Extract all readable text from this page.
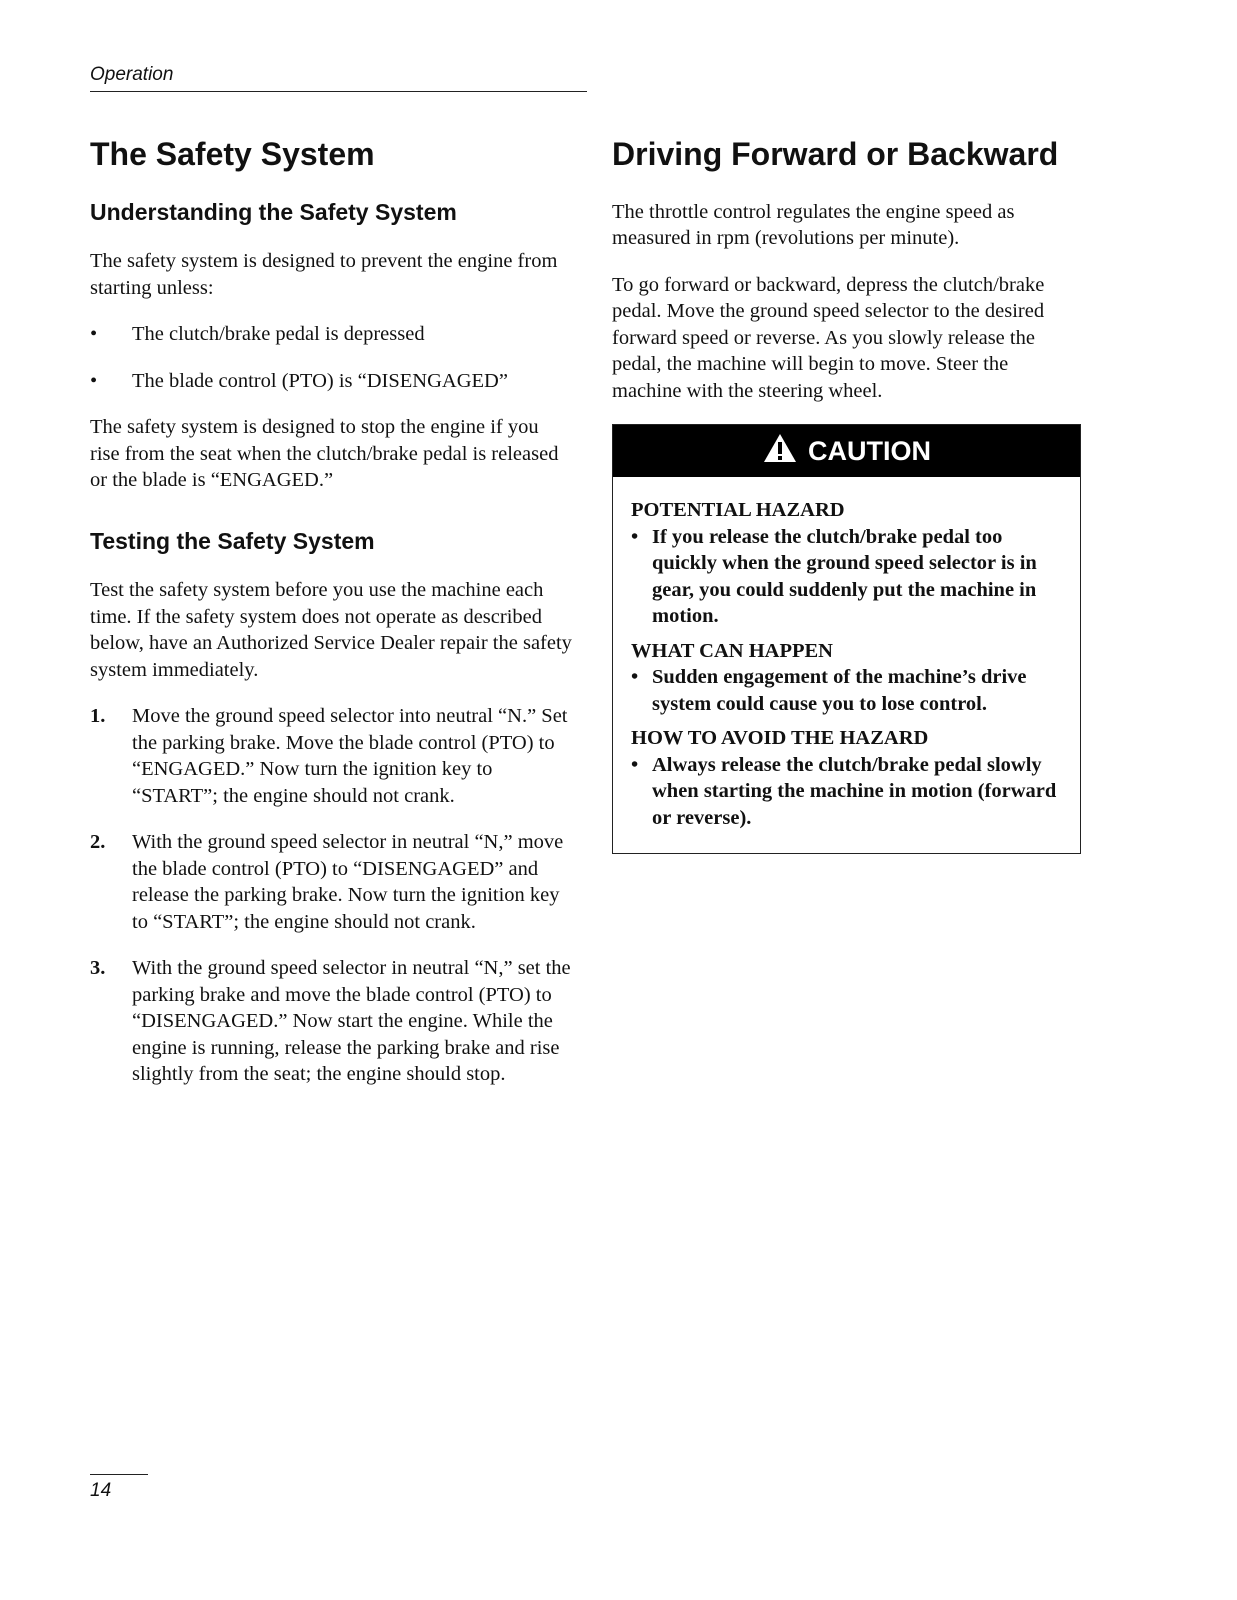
Operation
The Safety System
Understanding the Safety System

The safety system is designed to prevent the engine from starting unless:

• The clutch/brake pedal is depressed
• The blade control (PTO) is “DISENGAGED”

The safety system is designed to stop the engine if you rise from the seat when the clutch/brake pedal is released or the blade is “ENGAGED.”

Testing the Safety System

Test the safety system before you use the machine each time. If the safety system does not operate as described below, have an Authorized Service Dealer repair the safety system immediately.

1. Move the ground speed selector into neutral “N.” Set the parking brake. Move the blade control (PTO) to “ENGAGED.” Now turn the ignition key to “START”; the engine should not crank.
2. With the ground speed selector in neutral “N,” move the blade control (PTO) to “DISENGAGED” and release the parking brake. Now turn the ignition key to “START”; the engine should not crank.
3. With the ground speed selector in neutral “N,” set the parking brake and move the blade control (PTO) to “DISENGAGED.” Now start the engine. While the engine is running, release the parking brake and rise slightly from the seat; the engine should stop.
Driving Forward or Backward

The throttle control regulates the engine speed as measured in rpm (revolutions per minute).

To go forward or backward, depress the clutch/brake pedal. Move the ground speed selector to the desired forward speed or reverse. As you slowly release the pedal, the machine will begin to move. Steer the machine with the steering wheel.

CAUTION

POTENTIAL HAZARD

• If you release the clutch/brake pedal too quickly when the ground speed selector is in gear, you could suddenly put the machine in motion.

WHAT CAN HAPPEN

• Sudden engagement of the machine’s drive system could cause you to lose control.

HOW TO AVOID THE HAZARD

• Always release the clutch/brake pedal slowly when starting the machine in motion (forward or reverse).

14
